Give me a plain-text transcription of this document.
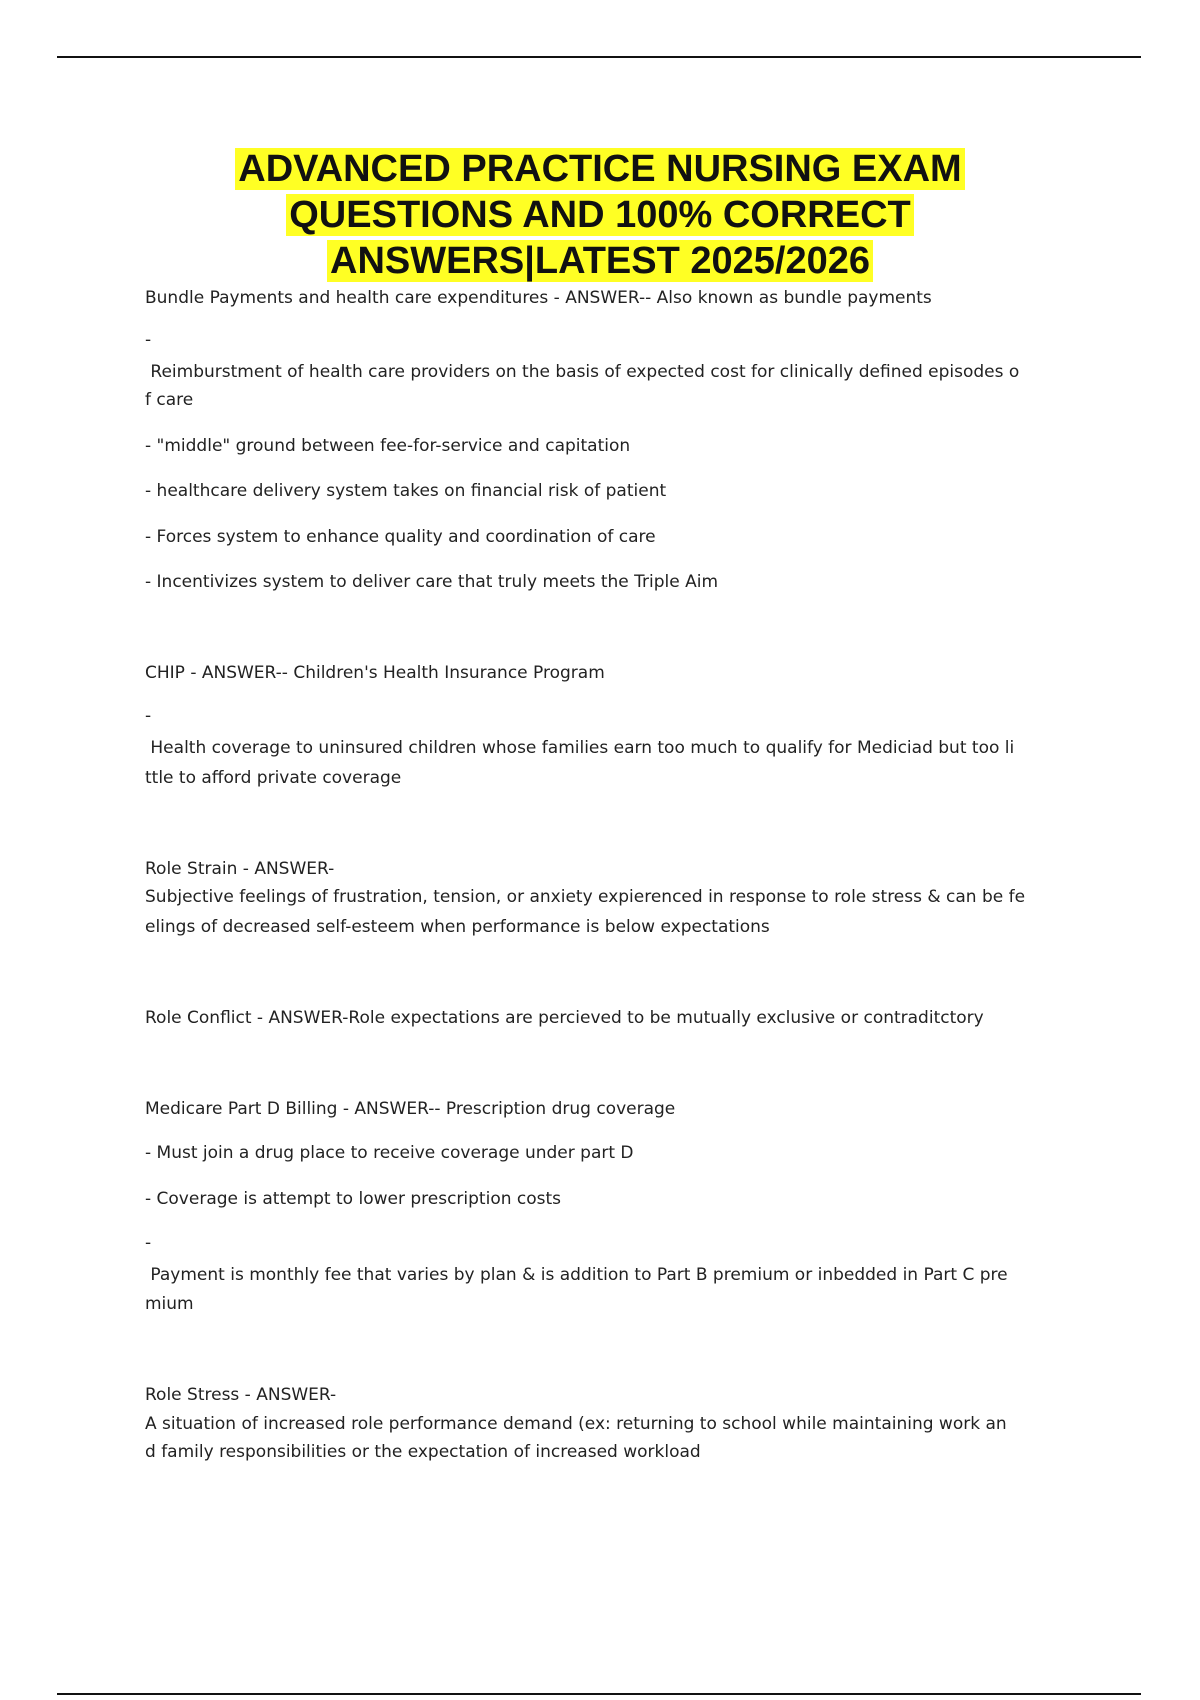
ADVANCED PRACTICE NURSING EXAM
QUESTIONS AND 100% CORRECT
ANSWERS|LATEST 2025/2026
Bundle Payments and health care expenditures - ANSWER-- Also known as bundle payments
-
Reimburstment of health care providers on the basis of expected cost for clinically defined episodes o
f care
- "middle" ground between fee-for-service and capitation
- healthcare delivery system takes on financial risk of patient
- Forces system to enhance quality and coordination of care
- Incentivizes system to deliver care that truly meets the Triple Aim
CHIP - ANSWER-- Children's Health Insurance Program
-
Health coverage to uninsured children whose families earn too much to qualify for Mediciad but too li
ttle to afford private coverage
Role Strain - ANSWER-
Subjective feelings of frustration, tension, or anxiety expierenced in response to role stress & can be fe
elings of decreased self-esteem when performance is below expectations
Role Conflict - ANSWER-Role expectations are percieved to be mutually exclusive or contraditctory
Medicare Part D Billing - ANSWER-- Prescription drug coverage
- Must join a drug place to receive coverage under part D
- Coverage is attempt to lower prescription costs
-
Payment is monthly fee that varies by plan & is addition to Part B premium or inbedded in Part C pre
mium
Role Stress - ANSWER-
A situation of increased role performance demand (ex: returning to school while maintaining work an
d family responsibilities or the expectation of increased workload
